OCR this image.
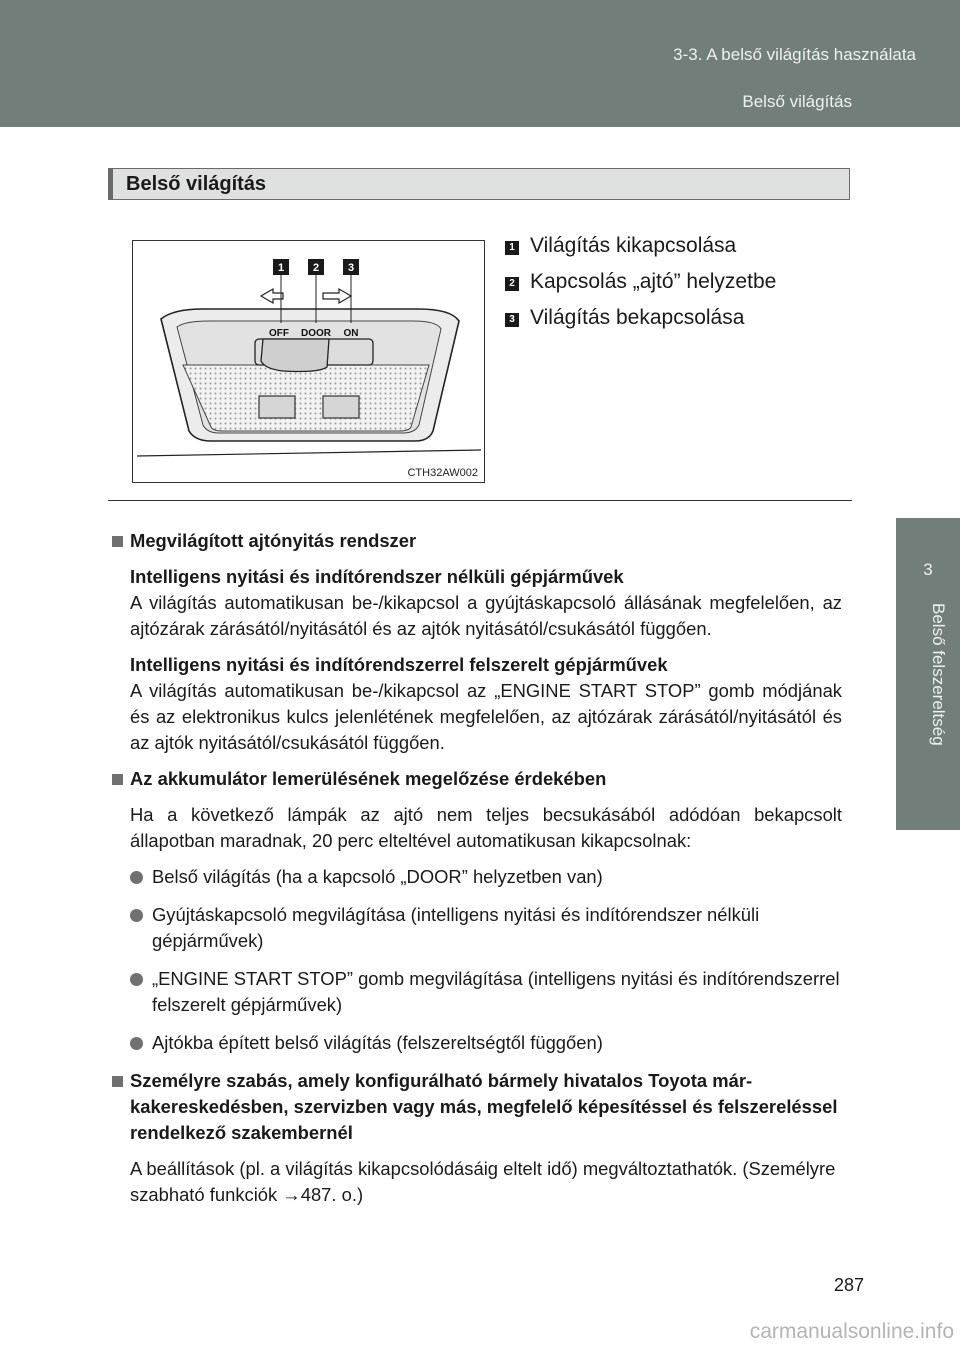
3-3. A belső világítás használata
Belső világítás
3
Belső felszereltség
Belső világítás
1	2	3
OFF DOOR ON
CTH32AW002
1 Világítás kikapcsolása
2 Kapcsolás „ajtó” helyzetbe
3 Világítás bekapcsolása
Megvilágított ajtónyitás rendszer
Intelligens nyitási és indítórendszer nélküli gépjárművek
A világítás automatikusan be-/kikapcsol a gyújtáskapcsoló állásának megfelelően, az ajtózárak zárásától/nyitásától és az ajtók nyitásától/csukásától függően.
Intelligens nyitási és indítórendszerrel felszerelt gépjárművek
A világítás automatikusan be-/kikapcsol az „ENGINE START STOP” gomb módjának és az elektronikus kulcs jelenlétének megfelelően, az ajtózárak zárásától/nyitásától és az ajtók nyitásától/csukásától függően.
Az akkumulátor lemerülésének megelőzése érdekében
Ha a következő lámpák az ajtó nem teljes becsukásából adódóan bekapcsolt állapotban maradnak, 20 perc elteltével automatikusan kikapcsolnak:
Belső világítás (ha a kapcsoló „DOOR” helyzetben van)
Gyújtáskapcsoló megvilágítása (intelligens nyitási és indítórendszer nélküli gépjárművek)
„ENGINE START STOP” gomb megvilágítása (intelligens nyitási és indítórendszerrel felszerelt gépjárművek)
Ajtókba épített belső világítás (felszereltségtől függően)
Személyre szabás, amely konfigurálható bármely hivatalos Toyota márkakereskedésben, szervizben vagy más, megfelelő képesítéssel és felszereléssel rendelkező szakembernél
A beállítások (pl. a világítás kikapcsolódásáig eltelt idő) megváltoztathatók. (Személyre szabható funkciók →487. o.)
287
carmanualsonline.info
